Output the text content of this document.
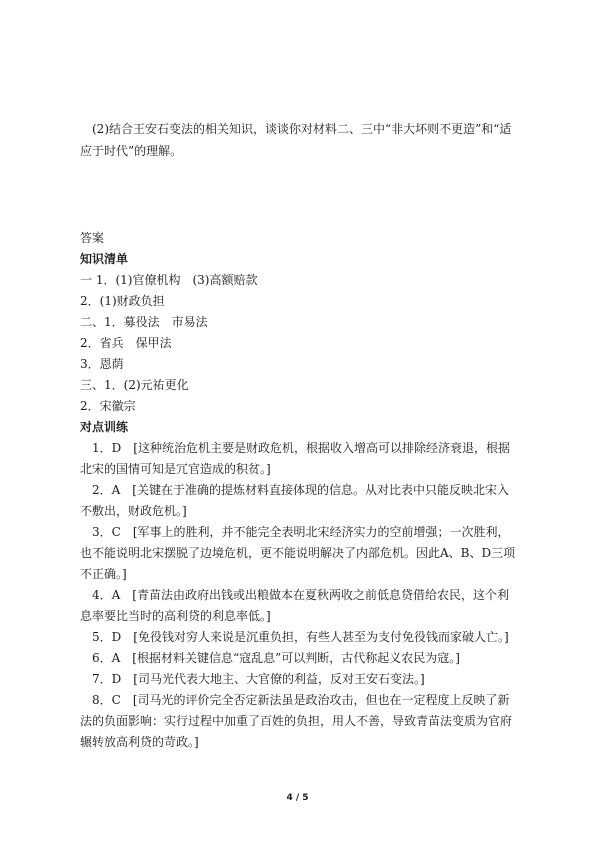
(2)结合王安石变法的相关知识，谈谈你对材料二、三中“非大坏则不更造”和“适应于时代”的理解。

答案
知识清单
一 1．(1)官僚机构　(3)高额赔款
2．(1)财政负担
二、1．募役法　市易法
2．省兵　保甲法
3．恩荫
三、1．(2)元祐更化
2．宋徽宗
对点训练

1．D　[这种统治危机主要是财政危机，根据收入增高可以排除经济衰退，根据北宋的国情可知是冗官造成的积贫。]

2．A　[关键在于准确的提炼材料直接体现的信息。从对比表中只能反映北宋入不敷出，财政危机。]

3．C　[军事上的胜利，并不能完全表明北宋经济实力的空前增强；一次胜利，也不能说明北宋摆脱了边境危机，更不能说明解决了内部危机。因此A、B、D三项不正确。]

4．A　[青苗法由政府出钱或出粮做本在夏秋两收之前低息贷借给农民，这个利息率要比当时的高利贷的利息率低。]

5．D　[免役钱对穷人来说是沉重负担，有些人甚至为支付免役钱而家破人亡。]

6．A　[根据材料关键信息“寇乱息”可以判断，古代称起义农民为寇。]

7．D　[司马光代表大地主、大官僚的利益，反对王安石变法。]

8．C　[司马光的评价完全否定新法虽是政治攻击，但也在一定程度上反映了新法的负面影响：实行过程中加重了百姓的负担，用人不善，导致青苗法变质为官府辗转放高利贷的苛政。]

4 / 5
